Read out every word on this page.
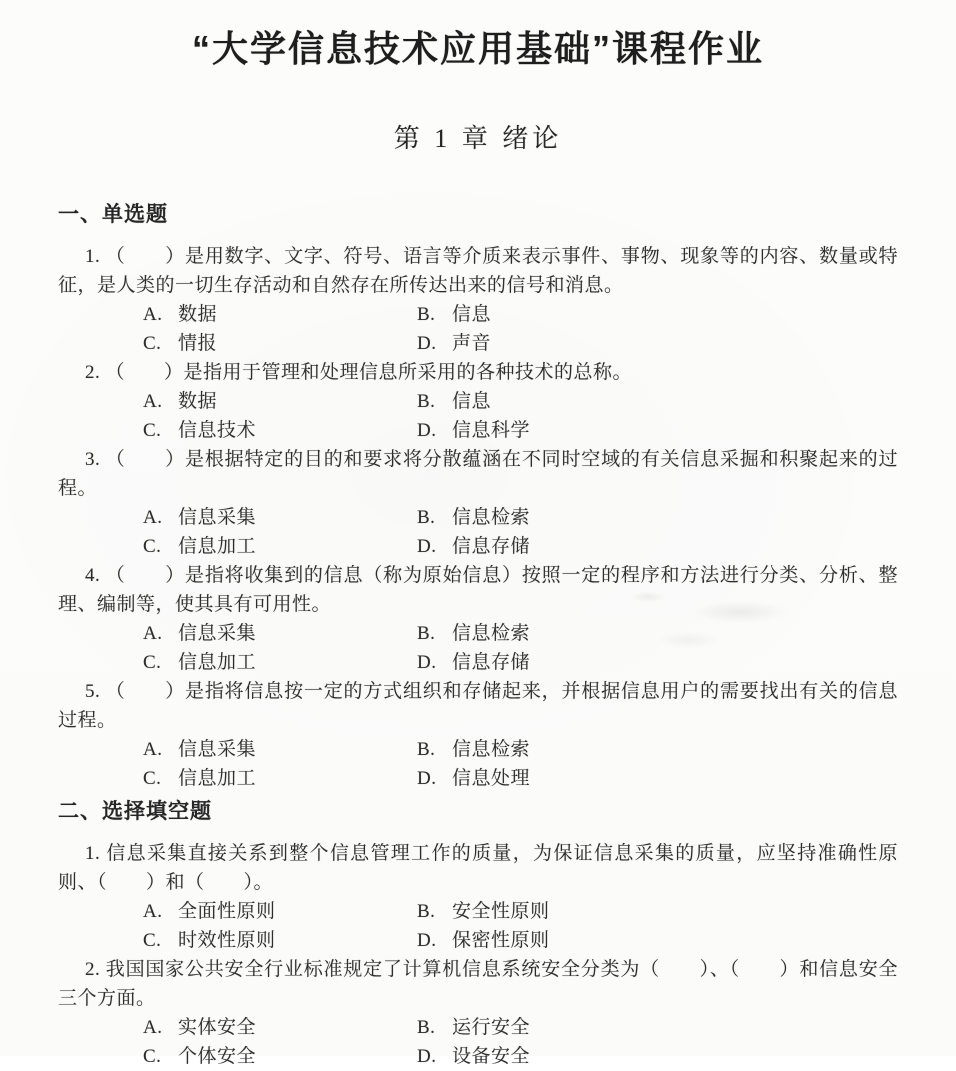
“大学信息技术应用基础”课程作业
第 1 章 绪论
一、单选题

1. （　　）是用数字、文字、符号、语言等介质来表示事件、事物、现象等的内容、数量或特征，是人类的一切生存活动和自然存在所传达出来的信号和消息。

A. 数据	B. 信息
C. 情报	D. 声音

2. （　　）是指用于管理和处理信息所采用的各种技术的总称。

A. 数据	B. 信息
C. 信息技术	D. 信息科学

3. （　　）是根据特定的目的和要求将分散蕴涵在不同时空域的有关信息采掘和积聚起来的过程。

A. 信息采集	B. 信息检索
C. 信息加工	D. 信息存储

4. （　　）是指将收集到的信息（称为原始信息）按照一定的程序和方法进行分类、分析、整理、编制等，使其具有可用性。

A. 信息采集	B. 信息检索
C. 信息加工	D. 信息存储

5. （　　）是指将信息按一定的方式组织和存储起来，并根据信息用户的需要找出有关的信息过程。

A. 信息采集	B. 信息检索
C. 信息加工	D. 信息处理
二、选择填空题

1. 信息采集直接关系到整个信息管理工作的质量，为保证信息采集的质量，应坚持准确性原则、（　　）和（　　）。

A. 全面性原则	B. 安全性原则
C. 时效性原则	D. 保密性原则

2. 我国国家公共安全行业标准规定了计算机信息系统安全分类为（　　）、（　　）和信息安全三个方面。

A. 实体安全	B. 运行安全
C. 个体安全	D. 设备安全
